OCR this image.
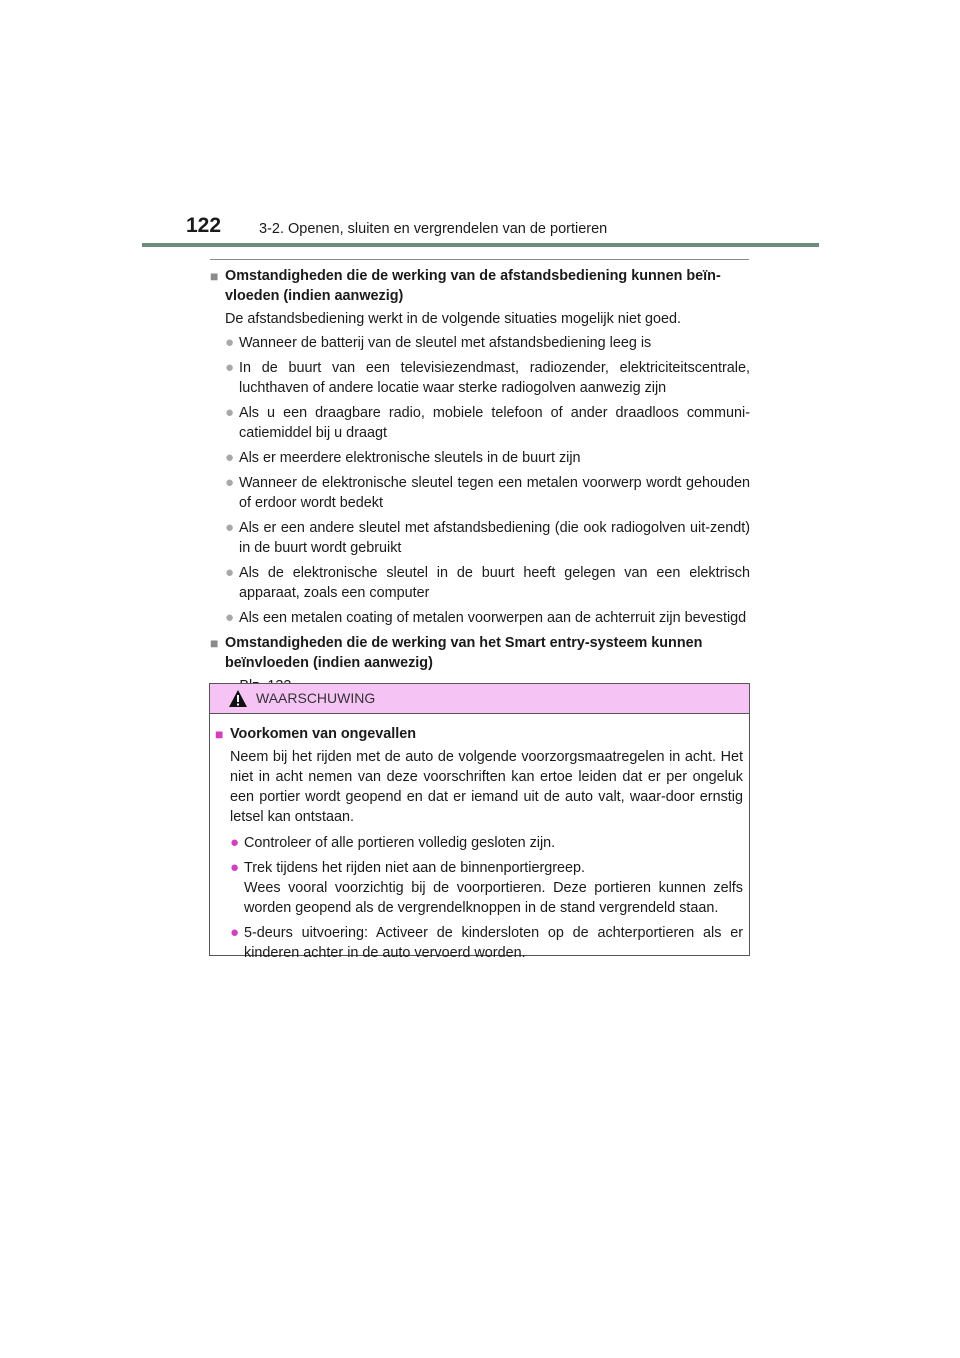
122	3-2. Openen, sluiten en vergrendelen van de portieren
■ Omstandigheden die de werking van de afstandsbediening kunnen beïn-vloeden (indien aanwezig)
De afstandsbediening werkt in de volgende situaties mogelijk niet goed.
● Wanneer de batterij van de sleutel met afstandsbediening leeg is
● In de buurt van een televisiezendmast, radiozender, elektriciteitscentrale, luchthaven of andere locatie waar sterke radiogolven aanwezig zijn
● Als u een draagbare radio, mobiele telefoon of ander draadloos communi-catiemiddel bij u draagt
● Als er meerdere elektronische sleutels in de buurt zijn
● Wanneer de elektronische sleutel tegen een metalen voorwerp wordt gehouden of erdoor wordt bedekt
● Als er een andere sleutel met afstandsbediening (die ook radiogolven uit-zendt) in de buurt wordt gebruikt
● Als de elektronische sleutel in de buurt heeft gelegen van een elektrisch apparaat, zoals een computer
● Als een metalen coating of metalen voorwerpen aan de achterruit zijn bevestigd
■ Omstandigheden die de werking van het Smart entry-systeem kunnen beïnvloeden (indien aanwezig)
WAARSCHUWING
■ Voorkomen van ongevallen
Neem bij het rijden met de auto de volgende voorzorgsmaatregelen in acht. Het niet in acht nemen van deze voorschriften kan ertoe leiden dat er per ongeluk een portier wordt geopend en dat er iemand uit de auto valt, waar-door ernstig letsel kan ontstaan.
● Controleer of alle portieren volledig gesloten zijn.
● Trek tijdens het rijden niet aan de binnenportiergreep.
Wees vooral voorzichtig bij de voorportieren. Deze portieren kunnen zelfs worden geopend als de vergrendelknoppen in de stand vergrendeld staan.
● 5-deurs uitvoering: Activeer de kindersloten op de achterportieren als er kinderen achter in de auto vervoerd worden.
